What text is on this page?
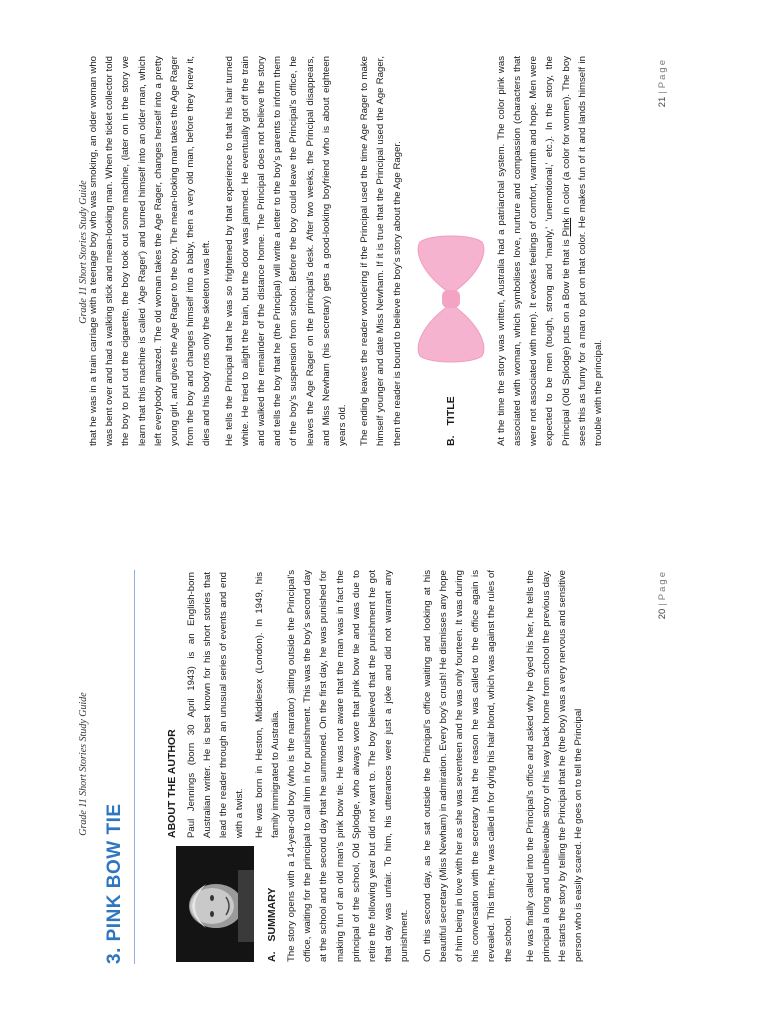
Grade 11 Short Stories Study Guide
3. PINK BOW TIE
ABOUT THE AUTHOR Paul Jennings (born 30 April 1943) is an English-born Australian writer. He is best known for his short stories that lead the reader through an unusual series of events and end with a twist. He was born in Heston, Middlesex (London). In 1949, his family immigrated to Australia.

A.
SUMMARY The story opens with a 14-year-old boy (who is the narrator) sitting outside the Principal's office, waiting for the principal to call him in for punishment. This was the boy's second day at the school and the second day that he summoned. On the first day, he was punished for making fun of an old man's pink bow tie. He was not aware that the man was in fact the principal of the school, Old Splodge, who always wore that pink bow tie and was due to retire the following year but did not want to. The boy believed that the punishment he got that day was unfair. To him, his utterances were just a joke and did not warrant any punishment.	On this second day, as he sat outside the Principal's office waiting and looking at his beautiful secretary (Miss Newham) in admiration. Every boy's crush! He dismisses any hope of him being in love with her as she was seventeen and he was only fourteen. It was during his conversation with the secretary that the reason he was called to the office again is revealed. This time, he was called in for dying his hair blond, which was against the rules of the school.	He was finally called into the Principal's office and asked why he dyed his her, he tells the principal a long and unbelievable story of his way back home from school the previous day. He starts the story by telling the Principal that he (the boy) was a very nervous and sensitive person who is easily scared. He goes on to tell the Principal

20|Page
Grade 11 Short Stories Study Guide that he was in a train carriage with a teenage boy who was smoking, an older woman who was bent over and had a walking stick and mean-looking man. When the ticket collector told the boy to put out the cigarette, the boy took out some machine, (later on in the story we learn that this machine is called 'Age Rager') and turned himself into an older man, which left everybody amazed. The old woman takes the Age Rager, changes herself into a pretty young girl, and gives the Age Rager to the boy. The mean-looking man takes the Age Rager from the boy and changes himself into a baby, then a very old man, before they knew it, dies and his body rots only the skeleton was left.	He tells the Principal that he was so frightened by that experience to that his hair turned white. He tried to alight the train, but the door was jammed. He eventually got off the train and walked the remainder of the distance home. The Principal does not believe the story and tells the boy that he (the Principal) will write a letter to the boy's parents to inform them of the boy's suspension from school. Before the boy could leave the Principal's office, he leaves the Age Rager on the principal's desk. After two weeks, the Principal disappears, and Miss Newham (his secretary) gets a good-looking boyfriend who is about eighteen years old.	The ending leaves the reader wondering if the Principal used the time Age Rager to make himself younger and date Miss Newham. If it is true that the Principal used the Age Rager, then the reader is bound to believe the boy's story about the Age Rager.	B.
TITLE	At the time the story was written, Australia had a patriarchal system. The color pink was associated with woman, which symbolises love, nurture and compassion (characters that were not associated with men). It evokes feelings of comfort, warmth and hope. Men were expected to be men (tough, strong and 'manly,' 'unemotional,' etc.). In the story, the Principal (Old Splodge) puts on a Bow tie that is Pink in color (a color for women). The boy sees this as funny for a man to put on that color. He makes fun of it and lands himself in trouble with the principal.

21|Page
